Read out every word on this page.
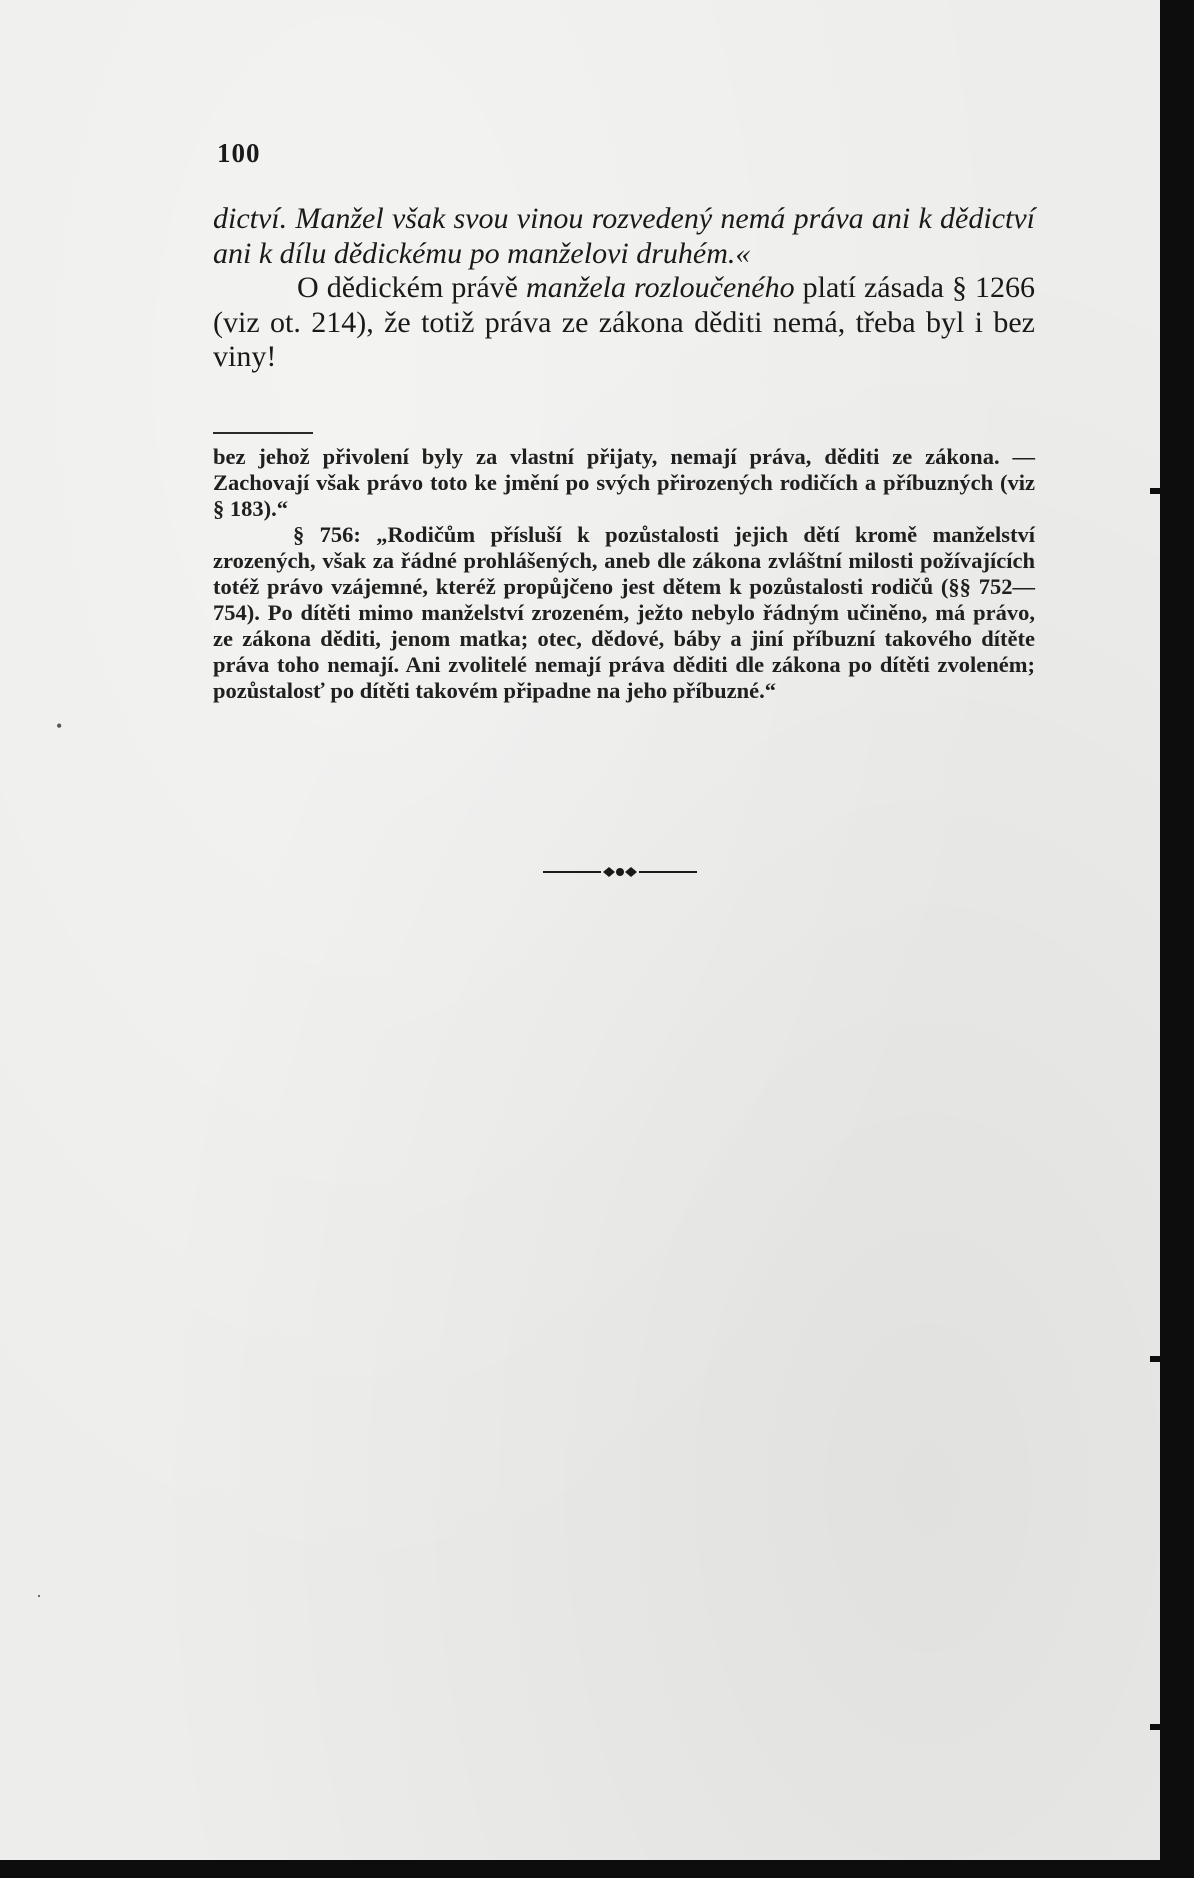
100

dictví. Manžel však svou vinou rozvedený nemá práva ani k dědictví ani k dílu dědickému po manželovi druhém.«

O dědickém právě manžela rozloučeného platí zásada § 1266 (viz ot. 214), že totiž práva ze zákona děditi nemá, třeba byl i bez viny!

bez jehož přivolení byly za vlastní přijaty, nemají práva, děditi ze zákona. — Zachovají však právo toto ke jmění po svých přirozených rodičích a příbuzných (viz § 183).“

§ 756: „Rodičům přísluší k pozůstalosti jejich dětí kromě manželství zrozených, však za řádné prohlášených, aneb dle zákona zvláštní milosti požívajících totéž právo vzájemné, kteréž propůjčeno jest dětem k pozůstalosti rodičů (§§ 752—754). Po dítěti mimo manželství zrozeném, ježto nebylo řádným učiněno, má právo, ze zákona děditi, jenom matka; otec, dědové, báby a jiní příbuzní takového dítěte práva toho nemají. Ani zvolitelé nemají práva děditi dle zákona po dítěti zvoleném; pozůstalosť po dítěti takovém připadne na jeho příbuzné.“

•
·
